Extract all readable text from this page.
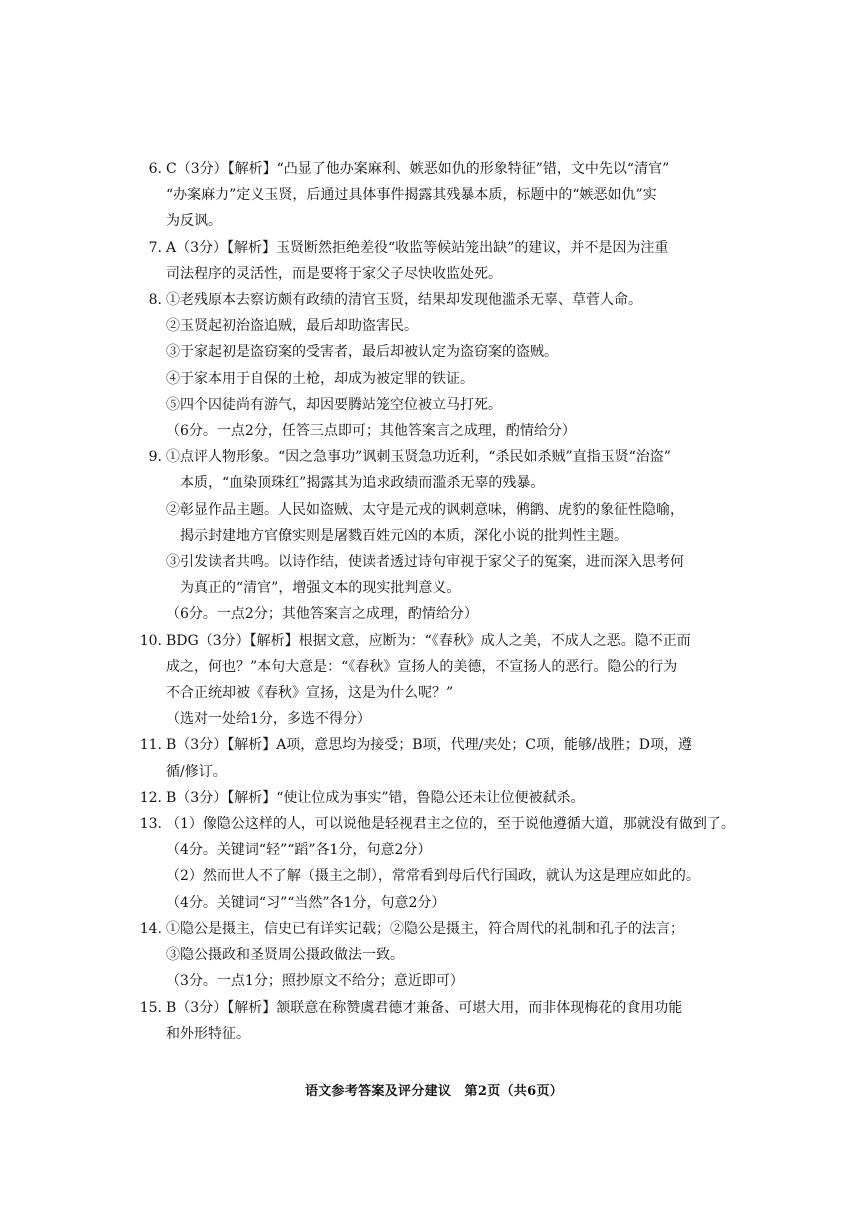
6. C（3分）【解析】“凸显了他办案麻利、嫉恶如仇的形象特征”错，文中先以“清官”
“办案麻力”定义玉贤，后通过具体事件揭露其残暴本质，标题中的“嫉恶如仇”实
为反讽。
7. A（3分）【解析】玉贤断然拒绝差役“收监等候站笼出缺”的建议，并不是因为注重
司法程序的灵活性，而是要将于家父子尽快收监处死。
8. ①老残原本去察访颇有政绩的清官玉贤，结果却发现他滥杀无辜、草菅人命。
②玉贤起初治盗追贼，最后却助盗害民。
③于家起初是盗窃案的受害者，最后却被认定为盗窃案的盗贼。
④于家本用于自保的土枪，却成为被定罪的铁证。
⑤四个囚徒尚有游气，却因要腾站笼空位被立马打死。
（6分。一点2分，任答三点即可；其他答案言之成理，酌情给分）
9. ①点评人物形象。“因之急事功”讽刺玉贤急功近利，“杀民如杀贼”直指玉贤“治盗”
　本质，“血染顶珠红”揭露其为追求政绩而滥杀无辜的残暴。
②彰显作品主题。人民如盗贼、太守是元戎的讽刺意味，鸺鹠、虎豹的象征性隐喻，
　揭示封建地方官僚实则是屠戮百姓元凶的本质，深化小说的批判性主题。
③引发读者共鸣。以诗作结，使读者透过诗句审视于家父子的冤案，进而深入思考何
　为真正的“清官”，增强文本的现实批判意义。
（6分。一点2分；其他答案言之成理，酌情给分）
10. BDG（3分）【解析】根据文意，应断为：“《春秋》成人之美，不成人之恶。隐不正而
成之，何也？”本句大意是：“《春秋》宣扬人的美德，不宣扬人的恶行。隐公的行为
不合正统却被《春秋》宣扬，这是为什么呢？”
（选对一处给1分，多选不得分）
11. B（3分）【解析】A项，意思均为接受；B项，代理/夹处；C项，能够/战胜；D项，遵
循/修订。
12. B（3分）【解析】“使让位成为事实”错，鲁隐公还未让位便被弑杀。
13. （1）像隐公这样的人，可以说他是轻视君主之位的，至于说他遵循大道，那就没有做到了。
（4分。关键词“轻”“蹈”各1分，句意2分）
（2）然而世人不了解（摄主之制），常常看到母后代行国政，就认为这是理应如此的。
（4分。关键词“习”“当然”各1分，句意2分）
14. ①隐公是摄主，信史已有详实记载；②隐公是摄主，符合周代的礼制和孔子的法言；
③隐公摄政和圣贤周公摄政做法一致。
（3分。一点1分；照抄原文不给分；意近即可）
15. B（3分）【解析】颔联意在称赞虞君德才兼备、可堪大用，而非体现梅花的食用功能
和外形特征。
语文参考答案及评分建议　第2页（共6页）
